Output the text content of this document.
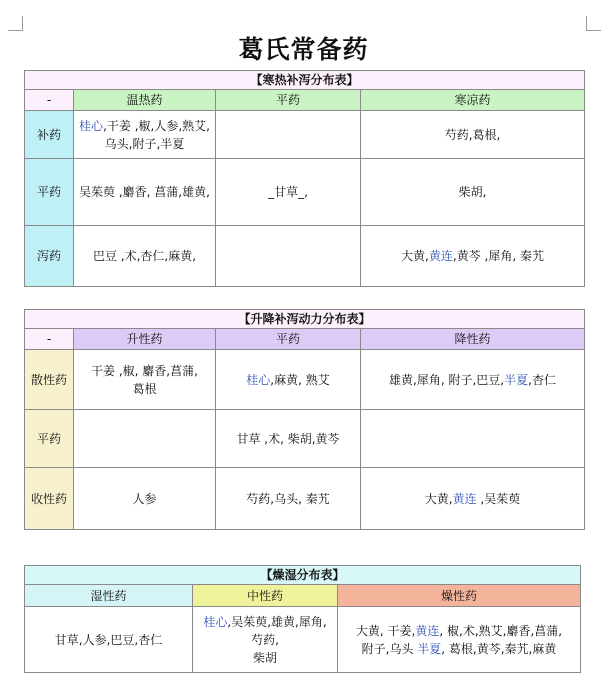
葛氏常备药
【寒热补泻分布表】			
-	温热药	平药	寒凉药
补药	桂心,干姜 ,椒,人参,熟艾,
乌头,附子,半夏		芍药,葛根,
平药	吴茱萸 ,麝香, 菖蒲,雄黄,	_甘草_,	柴胡,
泻药	巴豆 ,术,杏仁,麻黄,		大黄,黄连,黄芩 ,犀角, 秦艽
【升降补泻动力分布表】			
-	升性药	平药	降性药
散性药	干姜 ,椒, 麝香,菖蒲,
葛根	桂心,麻黄, 熟艾	雄黄,犀角, 附子,巴豆,半夏,杏仁
平药		甘草 ,术, 柴胡,黄芩	
收性药	人参	芍药,乌头, 秦艽	大黄,黄连 ,吴茱萸
【燥湿分布表】		
湿性药	中性药	燥性药
甘草,人参,巴豆,杏仁	桂心,吴茱萸,雄黄,犀角,
芍药,
柴胡	大黄, 干姜,黄连, 椒,术,熟艾,麝香,菖蒲,
附子,乌头 半夏, 葛根,黄芩,秦艽,麻黄
